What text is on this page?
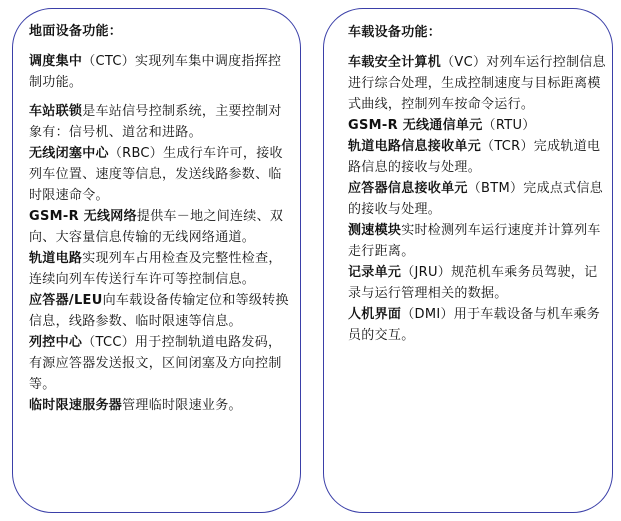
地面设备功能：

调度集中（CTC）实现列车集中调度指挥控制功能。

车站联锁是车站信号控制系统，主要控制对象有：信号机、道岔和进路。

无线闭塞中心（RBC）生成行车许可，接收列车位置、速度等信息，发送线路参数、临时限速命令。

GSM-R 无线网络提供车－地之间连续、双向、大容量信息传输的无线网络通道。

轨道电路实现列车占用检查及完整性检查，连续向列车传送行车许可等控制信息。

应答器/LEU向车载设备传输定位和等级转换信息，线路参数、临时限速等信息。

列控中心（TCC）用于控制轨道电路发码，有源应答器发送报文，区间闭塞及方向控制等。

临时限速服务器管理临时限速业务。

车载设备功能：

车载安全计算机（VC）对列车运行控制信息进行综合处理，生成控制速度与目标距离模式曲线，控制列车按命令运行。

GSM-R 无线通信单元（RTU）

轨道电路信息接收单元（TCR）完成轨道电路信息的接收与处理。

应答器信息接收单元（BTM）完成点式信息的接收与处理。

测速模块实时检测列车运行速度并计算列车走行距离。

记录单元（JRU）规范机车乘务员驾驶，记录与运行管理相关的数据。

人机界面（DMI）用于车载设备与机车乘务员的交互。
